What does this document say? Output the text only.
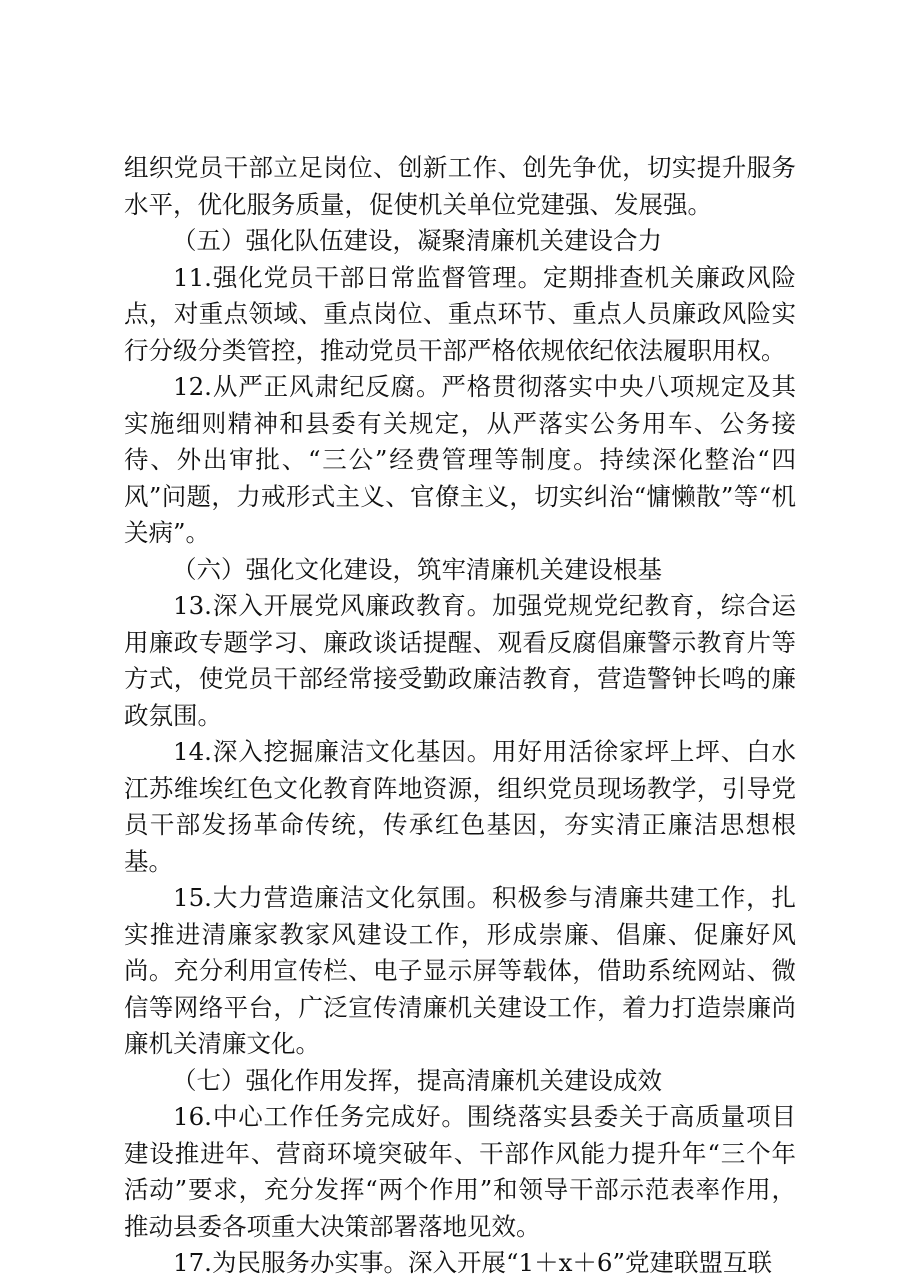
组织党员干部立足岗位、创新工作、创先争优，切实提升服务水平，优化服务质量，促使机关单位党建强、发展强。

（五）强化队伍建设，凝聚清廉机关建设合力

11.强化党员干部日常监督管理。定期排查机关廉政风险点，对重点领域、重点岗位、重点环节、重点人员廉政风险实行分级分类管控，推动党员干部严格依规依纪依法履职用权。

12.从严正风肃纪反腐。严格贯彻落实中央八项规定及其实施细则精神和县委有关规定，从严落实公务用车、公务接待、外出审批、“三公”经费管理等制度。持续深化整治“四风”问题，力戒形式主义、官僚主义，切实纠治“慵懒散”等“机关病”。

（六）强化文化建设，筑牢清廉机关建设根基

13.深入开展党风廉政教育。加强党规党纪教育，综合运用廉政专题学习、廉政谈话提醒、观看反腐倡廉警示教育片等方式，使党员干部经常接受勤政廉洁教育，营造警钟长鸣的廉政氛围。

14.深入挖掘廉洁文化基因。用好用活徐家坪上坪、白水江苏维埃红色文化教育阵地资源，组织党员现场教学，引导党员干部发扬革命传统，传承红色基因，夯实清正廉洁思想根基。

15.大力营造廉洁文化氛围。积极参与清廉共建工作，扎实推进清廉家教家风建设工作，形成崇廉、倡廉、促廉好风尚。充分利用宣传栏、电子显示屏等载体，借助系统网站、微信等网络平台，广泛宣传清廉机关建设工作，着力打造崇廉尚廉机关清廉文化。

（七）强化作用发挥，提高清廉机关建设成效

16.中心工作任务完成好。围绕落实县委关于高质量项目建设推进年、营商环境突破年、干部作风能力提升年“三个年活动”要求，充分发挥“两个作用”和领导干部示范表率作用，推动县委各项重大决策部署落地见效。

17.为民服务办实事。深入开展“1＋x＋6”党建联盟互联
